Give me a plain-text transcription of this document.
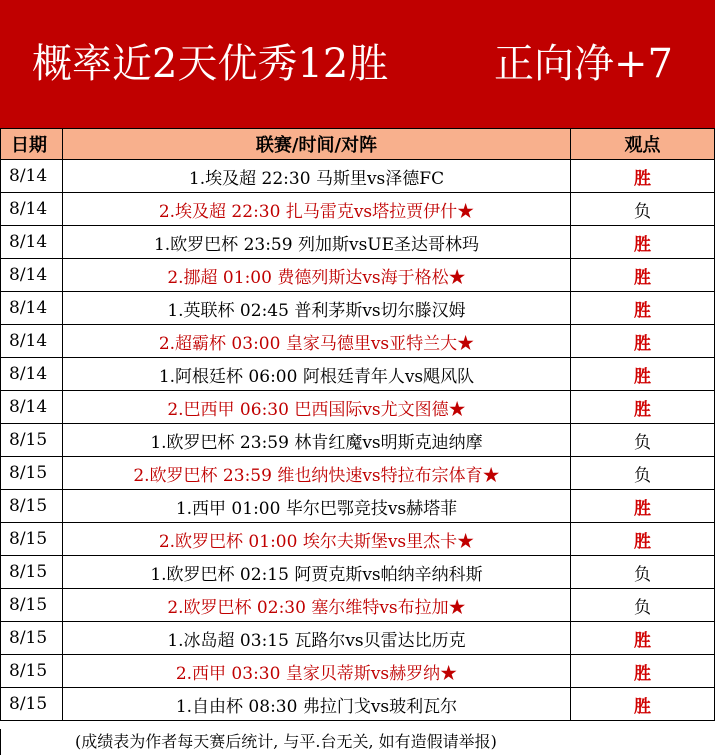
概率近2天优秀12胜	正向净+7
日期	联赛/时间/对阵	观点
8/14	1.埃及超 22:30 马斯里vs泽德FC	胜
8/14	2.埃及超 22:30 扎马雷克vs塔拉贾伊什★	负
8/14	1.欧罗巴杯 23:59 列加斯vsUE圣达哥林玛	胜
8/14	2.挪超 01:00 费德列斯达vs海于格松★	胜
8/14	1.英联杯 02:45 普利茅斯vs切尔滕汉姆	胜
8/14	2.超霸杯 03:00 皇家马德里vs亚特兰大★	胜
8/14	1.阿根廷杯 06:00 阿根廷青年人vs飓风队	胜
8/14	2.巴西甲 06:30 巴西国际vs尤文图德★	胜
8/15	1.欧罗巴杯 23:59 林肯红魔vs明斯克迪纳摩	负
8/15	2.欧罗巴杯 23:59 维也纳快速vs特拉布宗体育★	负
8/15	1.西甲 01:00 毕尔巴鄂竞技vs赫塔菲	胜
8/15	2.欧罗巴杯 01:00 埃尔夫斯堡vs里杰卡★	胜
8/15	1.欧罗巴杯 02:15 阿贾克斯vs帕纳辛纳科斯	负
8/15	2.欧罗巴杯 02:30 塞尔维特vs布拉加★	负
8/15	1.冰岛超 03:15 瓦路尔vs贝雷达比历克	胜
8/15	2.西甲 03:30 皇家贝蒂斯vs赫罗纳★	胜
8/15	1.自由杯 08:30 弗拉门戈vs玻利瓦尔	胜
(成绩表为作者每天赛后统计, 与平.台无关, 如有造假请举报)
